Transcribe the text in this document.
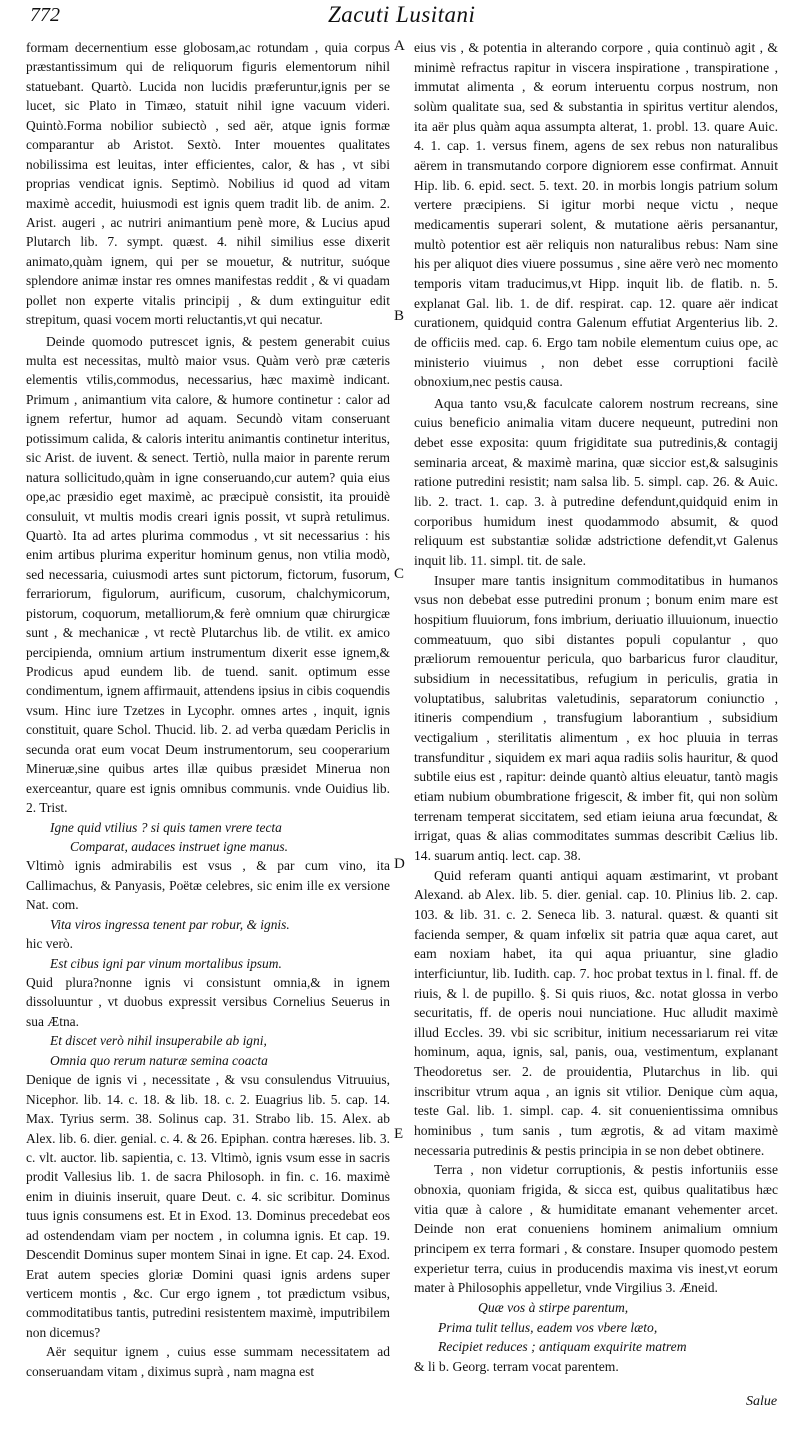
772	Zacuti Lusitani

formam decernentium esse globosam,ac rotundam , quia corpus præstantissimum qui de reliquorum figuris elementorum nihil statuebant. Quartò. Lucida non lucidis præferuntur,ignis per se lucet, sic Plato in Timæo, statuit nihil igne vacuum videri. Quintò.Forma nobilior subiectò , sed aër, atque ignis formæ comparantur ab Aristot. Sextò. Inter mouentes qualitates nobilissima est leuitas, inter efficientes, calor, & has , vt sibi proprias vendicat ignis. Septimò. Nobilius id quod ad vitam maximè accedit, huiusmodi est ignis quem tradit lib. de anim. 2. Arist. augeri , ac nutriri animantium penè more, & Lucius apud Plutarch lib. 7. sympt. quæst. 4. nihil similius esse dixerit animato,quàm ignem, qui per se mouetur, & nutritur, suóque splendore animæ instar res omnes manifestas reddit , & vi quadam pollet non experte vitalis principij , & dum extinguitur edit strepitum, quasi vocem morti reluctantis,vt qui necatur.

Deinde quomodo putrescet ignis, & pestem generabit cuius multa est necessitas, multò maior vsus. Quàm verò præ cæteris elementis vtilis,commodus, necessarius, hæc maximè indicant. Primum , animantium vita calore, & humore continetur : calor ad ignem refertur, humor ad aquam. Secundò vitam conseruant potissimum calida, & caloris interitu animantis continetur interitus, sic Arist. de iuvent. & senect. Tertiò, nulla maior in parente rerum natura sollicitudo,quàm in igne conseruando,cur autem? quia eius ope,ac præsidio eget maximè, ac præcipuè consistit, ita prouidè consuluit, vt multis modis creari ignis possit, vt suprà retulimus. Quartò. Ita ad artes plurima commodus , vt sit necessarius : his enim artibus plurima experitur hominum genus, non vtilia modò, sed necessaria, cuiusmodi artes sunt pictorum, fictorum, fusorum, ferrariorum, figulorum, aurificum, cusorum, chalchymicorum, pistorum, coquorum, metalliorum,& ferè omnium quæ chirurgicæ sunt , & mechanicæ , vt rectè Plutarchus lib. de vtilit. ex amico percipienda, omnium artium instrumentum dixerit esse ignem,& Prodicus apud eundem lib. de tuend. sanit. optimum esse condimentum, ignem affirmauit, attendens ipsius in cibis coquendis vsum. Hinc iure Tzetzes in Lycophr. omnes artes , inquit, ignis constituit, quare Schol. Thucid. lib. 2. ad verba quædam Periclis in secunda orat eum vocat Deum instrumentorum, seu cooperarium Mineruæ,sine quibus artes illæ quibus præsidet Minerua non exerceantur, quare est ignis omnibus communis. vnde Ouidius lib. 2. Trist.

Igne quid vtilius ? si quis tamen vrere tecta

Comparat, audaces instruet igne manus.

Vltimò ignis admirabilis est vsus , & par cum vino, ita Callimachus, & Panyasis, Poëtæ celebres, sic enim ille ex versione Nat. com.

Vita viros ingressa tenent par robur, & ignis.

hic verò.

Est cibus igni par vinum mortalibus ipsum.

Quid plura?nonne ignis vi consistunt omnia,& in ignem dissoluuntur , vt duobus expressit versibus Cornelius Seuerus in sua Ætna.

Et discet verò nihil insuperabile ab igni,

Omnia quo rerum naturæ semina coacta

Denique de ignis vi , necessitate , & vsu consulendus Vitruuius, Nicephor. lib. 14. c. 18. & lib. 18. c. 2. Euagrius lib. 5. cap. 14. Max. Tyrius serm. 38. Solinus cap. 31. Strabo lib. 15. Alex. ab Alex. lib. 6. dier. genial. c. 4. & 26. Epiphan. contra hæreses. lib. 3. c. vlt. auctor. lib. sapientia, c. 13. Vltimò, ignis vsum esse in sacris prodit Vallesius lib. 1. de sacra Philosoph. in fin. c. 16. maximè enim in diuinis inseruit, quare Deut. c. 4. sic scribitur. Dominus tuus ignis consumens est. Et in Exod. 13. Dominus precedebat eos ad ostendendam viam per noctem , in columna ignis. Et cap. 19. Descendit Dominus super montem Sinai in igne. Et cap. 24. Exod. Erat autem species gloriæ Domini quasi ignis ardens super verticem montis , &c. Cur ergo ignem , tot prædictum vsibus, commoditatibus tantis, putredini resistentem maximè, imputribilem non dicemus?

Aër sequitur ignem , cuius esse summam necessitatem ad conseruandam vitam , diximus suprà , nam magna est

A
B
C
D
E

eius vis , & potentia in alterando corpore , quia continuò agit , & minimè refractus rapitur in viscera inspiratione , transpiratione , immutat alimenta , & eorum interuentu corpus nostrum, non solùm qualitate sua, sed & substantia in spiritus vertitur alendos, ita aër plus quàm aqua assumpta alterat, 1. probl. 13. quare Auic. 4. 1. cap. 1. versus finem, agens de sex rebus non naturalibus aërem in transmutando corpore digniorem esse confirmat. Annuit Hip. lib. 6. epid. sect. 5. text. 20. in morbis longis patrium solum vertere præcipiens. Si igitur morbi neque victu , neque medicamentis superari solent, & mutatione aëris persanantur, multò potentior est aër reliquis non naturalibus rebus: Nam sine his per aliquot dies viuere possumus , sine aëre verò nec momento temporis vitam traducimus,vt Hipp. inquit lib. de flatib. n. 5. explanat Gal. lib. 1. de dif. respirat. cap. 12. quare aër indicat curationem, quidquid contra Galenum effutiat Argenterius lib. 2. de officiis med. cap. 6. Ergo tam nobile elementum cuius ope, ac ministerio viuimus , non debet esse corruptioni facilè obnoxium,nec pestis causa.

Aqua tanto vsu,& faculcate calorem nostrum recreans, sine cuius beneficio animalia vitam ducere nequeunt, putredini non debet esse exposita: quum frigiditate sua putredinis,& contagij seminaria arceat, & maximè marina, quæ siccior est,& salsuginis ratione putredini resistit; nam salsa lib. 5. simpl. cap. 26. & Auic. lib. 2. tract. 1. cap. 3. à putredine defendunt,quidquid enim in corporibus humidum inest quodammodo absumit, & quod reliquum est substantiæ solidæ adstrictione defendit,vt Galenus inquit lib. 11. simpl. tit. de sale.

Insuper mare tantis insignitum commoditatibus in humanos vsus non debebat esse putredini pronum ; bonum enim mare est hospitium fluuiorum, fons imbrium, deriuatio illuuionum, inuectio commeatuum, quo sibi distantes populi copulantur , quo præliorum remouentur pericula, quo barbaricus furor clauditur, subsidium in necessitatibus, refugium in periculis, gratia in voluptatibus, salubritas valetudinis, separatorum coniunctio , itineris compendium , transfugium laborantium , subsidium vectigalium , sterilitatis alimentum , ex hoc pluuia in terras transfunditur , siquidem ex mari aqua radiis solis hauritur, & quod subtile eius est , rapitur: deinde quantò altius eleuatur, tantò magis etiam nubium obumbratione frigescit, & imber fit, qui non solùm terrenam temperat siccitatem, sed etiam ieiuna arua fœcundat, & irrigat, quas & alias commoditates summas describit Cælius lib. 14. suarum antiq. lect. cap. 38.

Quid referam quanti antiqui aquam æstimarint, vt probant Alexand. ab Alex. lib. 5. dier. genial. cap. 10. Plinius lib. 2. cap. 103. & lib. 31. c. 2. Seneca lib. 3. natural. quæst. & quanti sit facienda semper, & quam infœlix sit patria quæ aqua caret, aut eam noxiam habet, ita qui aqua priuantur, sine gladio interficiuntur, lib. Iudith. cap. 7. hoc probat textus in l. final. ff. de riuis, & l. de pupillo. §. Si quis riuos, &c. notat glossa in verbo securitatis, ff. de operis noui nunciatione. Huc alludit maximè illud Eccles. 39. vbi sic scribitur, initium necessariarum rei vitæ hominum, aqua, ignis, sal, panis, oua, vestimentum, explanant Theodoretus ser. 2. de prouidentia, Plutarchus in lib. qui inscribitur vtrum aqua , an ignis sit vtilior. Denique cùm aqua, teste Gal. lib. 1. simpl. cap. 4. sit conuenientissima omnibus hominibus , tum sanis , tum ægrotis, & ad vitam maximè necessaria putredinis & pestis principia in se non debet obtinere.

Terra , non videtur corruptionis, & pestis infortuniis esse obnoxia, quoniam frigida, & sicca est, quibus qualitatibus hæc vitia quæ à calore , & humiditate emanant vehementer arcet. Deinde non erat conueniens hominem animalium omnium principem ex terra formari , & constare. Insuper quomodo pestem experietur terra, cuius in producendis maxima vis inest,vt eorum mater à Philosophis appelletur, vnde Virgilius 3. Æneid.

Quæ vos à stirpe parentum,

Prima tulit tellus, eadem vos vbere læto,

Recipiet reduces ; antiquam exquirite matrem

& li b. Georg. terram vocat parentem.

Salue
